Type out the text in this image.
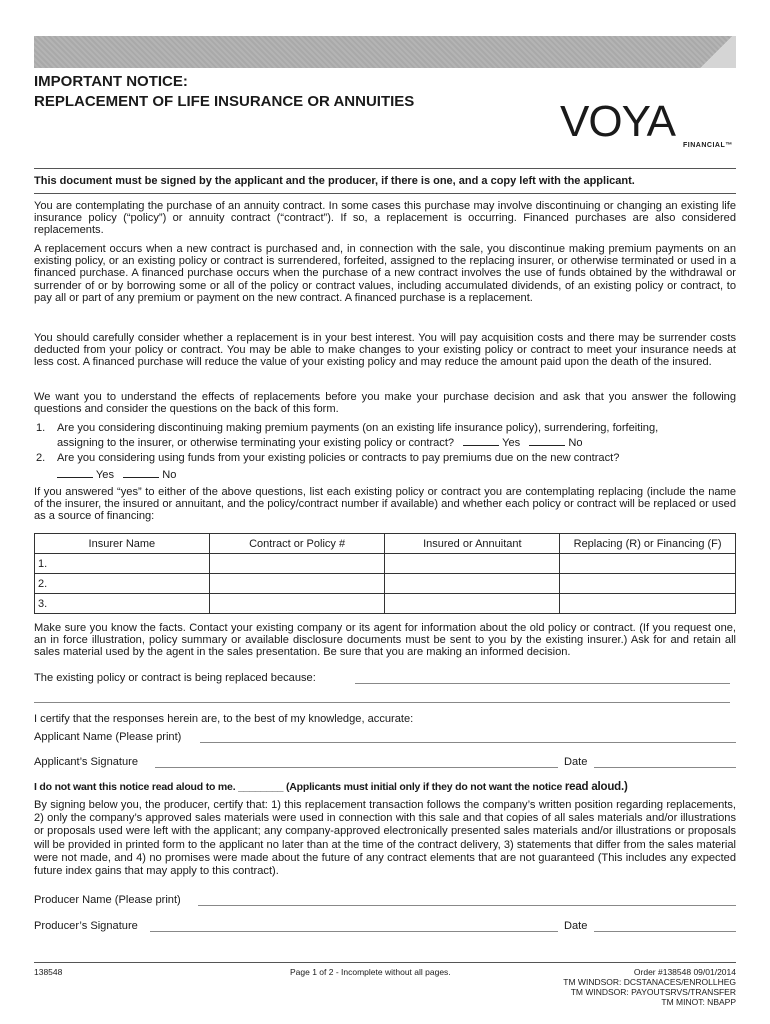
IMPORTANT NOTICE:
REPLACEMENT OF LIFE INSURANCE OR ANNUITIES	VOYA	FINANCIAL™
This document must be signed by the applicant and the producer, if there is one, and a copy left with the applicant.
You are contemplating the purchase of an annuity contract. In some cases this purchase may involve discontinuing or changing an existing life insurance policy (“policy”) or annuity contract (“contract”). If so, a replacement is occurring. Financed purchases are also considered replacements.
A replacement occurs when a new contract is purchased and, in connection with the sale, you discontinue making premium payments on an existing policy, or an existing policy or contract is surrendered, forfeited, assigned to the replacing insurer, or otherwise terminated or used in a financed purchase. A financed purchase occurs when the purchase of a new contract involves the use of funds obtained by the withdrawal or surrender of or by borrowing some or all of the policy or contract values, including accumulated dividends, of an existing policy or contract, to pay all or part of any premium or payment on the new contract. A financed purchase is a replacement.
You should carefully consider whether a replacement is in your best interest. You will pay acquisition costs and there may be surrender costs deducted from your policy or contract. You may be able to make changes to your existing policy or contract to meet your insurance needs at less cost. A financed purchase will reduce the value of your existing policy and may reduce the amount paid upon the death of the insured.
We want you to understand the effects of replacements before you make your purchase decision and ask that you answer the following questions and consider the questions on the back of this form.
1. Are you considering discontinuing making premium payments (on an existing life insurance policy), surrendering, forfeiting,
assigning to the insurer, or otherwise terminating your existing policy or contract?	Yes	No
2. Are you considering using funds from your existing policies or contracts to pay premiums due on the new contract?
Yes	No
If you answered “yes” to either of the above questions, list each existing policy or contract you are contemplating replacing (include the name of the insurer, the insured or annuitant, and the policy/contract number if available) and whether each policy or contract will be replaced or used as a source of financing:
Insurer Name	Contract or Policy #	Insured or Annuitant	Replacing (R) or Financing (F)
1.			
2.			
3.			
Make sure you know the facts. Contact your existing company or its agent for information about the old policy or contract. (If you request one, an in force illustration, policy summary or available disclosure documents must be sent to you by the existing insurer.) Ask for and retain all sales material used by the agent in the sales presentation. Be sure that you are making an informed decision.
The existing policy or contract is being replaced because:
I certify that the responses herein are, to the best of my knowledge, accurate:
Applicant Name (Please print)
Applicant’s Signature	Date
I do not want this notice read aloud to me. ________ (Applicants must initial only if they do not want the notice read aloud.)
By signing below you, the producer, certify that: 1) this replacement transaction follows the company’s written position regarding replacements, 2) only the company’s approved sales materials were used in connection with this sale and that copies of all sales materials and/or illustrations or proposals used were left with the applicant; any company-approved electronically presented sales materials and/or illustrations or proposals will be provided in printed form to the applicant no later than at the time of the contract delivery, 3) statements that differ from the sales material were not made, and 4) no promises were made about the future of any contract elements that are not guaranteed (This includes any expected future index gains that may apply to this contract).
Producer Name (Please print)
Producer’s Signature	Date
138548	Page 1 of 2 - Incomplete without all pages.	Order #138548 09/01/2014
TM WINDSOR: DCSTANACES/ENROLLHEG
TM WINDSOR: PAYOUTSRVS/TRANSFER
TM MINOT: NBAPP
